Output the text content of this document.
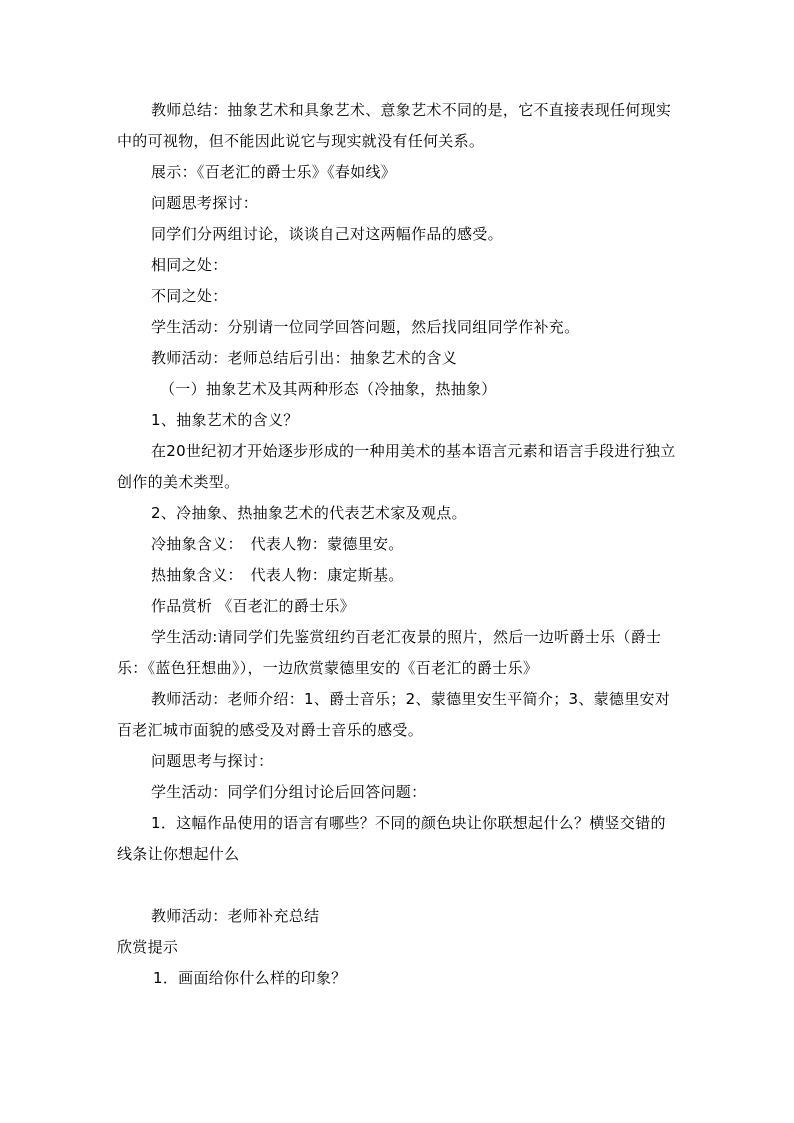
教师总结：抽象艺术和具象艺术、意象艺术不同的是，它不直接表现任何现实中的可视物，但不能因此说它与现实就没有任何关系。

展示：《百老汇的爵士乐》《春如线》

问题思考探讨：

同学们分两组讨论，谈谈自己对这两幅作品的感受。

相同之处：

不同之处：

学生活动：分别请一位同学回答问题，然后找同组同学作补充。

教师活动：老师总结后引出：抽象艺术的含义

（一）抽象艺术及其两种形态（冷抽象，热抽象）

1、抽象艺术的含义？

在20世纪初才开始逐步形成的一种用美术的基本语言元素和语言手段进行独立创作的美术类型。

2、冷抽象、热抽象艺术的代表艺术家及观点。

冷抽象含义：　代表人物：蒙德里安。

热抽象含义：　代表人物：康定斯基。

作品赏析 《百老汇的爵士乐》

学生活动:请同学们先鉴赏纽约百老汇夜景的照片，然后一边听爵士乐（爵士乐：《蓝色狂想曲》），一边欣赏蒙德里安的《百老汇的爵士乐》

教师活动：老师介绍：1、爵士音乐；2、蒙德里安生平简介；3、蒙德里安对百老汇城市面貌的感受及对爵士音乐的感受。

问题思考与探讨：

学生活动：同学们分组讨论后回答问题：

1．这幅作品使用的语言有哪些？不同的颜色块让你联想起什么？横竖交错的线条让你想起什么

教师活动：老师补充总结

欣赏提示

1．画面给你什么样的印象？
